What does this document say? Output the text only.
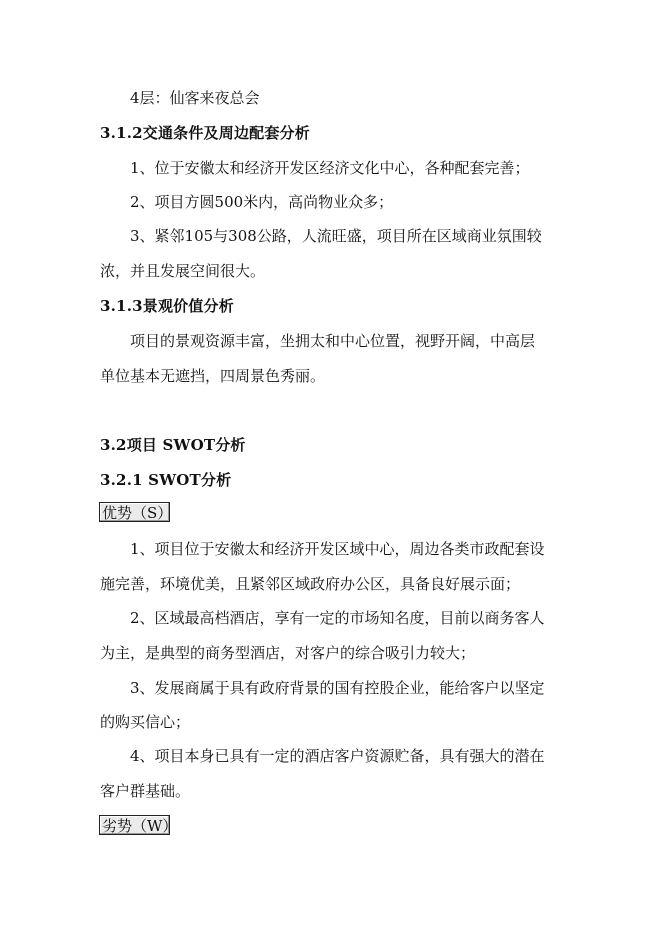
4层：仙客来夜总会
3.1.2交通条件及周边配套分析
1、位于安徽太和经济开发区经济文化中心，各种配套完善；
2、项目方圆500米内，高尚物业众多；
3、紧邻105与308公路，人流旺盛，项目所在区域商业氛围较
浓，并且发展空间很大。
3.1.3景观价值分析
项目的景观资源丰富，坐拥太和中心位置，视野开阔，中高层
单位基本无遮挡，四周景色秀丽。
3.2项目 SWOT分析
3.2.1 SWOT分析
优势（S）
1、项目位于安徽太和经济开发区域中心，周边各类市政配套设
施完善，环境优美，且紧邻区域政府办公区，具备良好展示面；
2、区域最高档酒店，享有一定的市场知名度，目前以商务客人
为主，是典型的商务型酒店，对客户的综合吸引力较大；
3、发展商属于具有政府背景的国有控股企业，能给客户以坚定
的购买信心；
4、项目本身已具有一定的酒店客户资源贮备，具有强大的潜在
客户群基础。
劣势（W）
